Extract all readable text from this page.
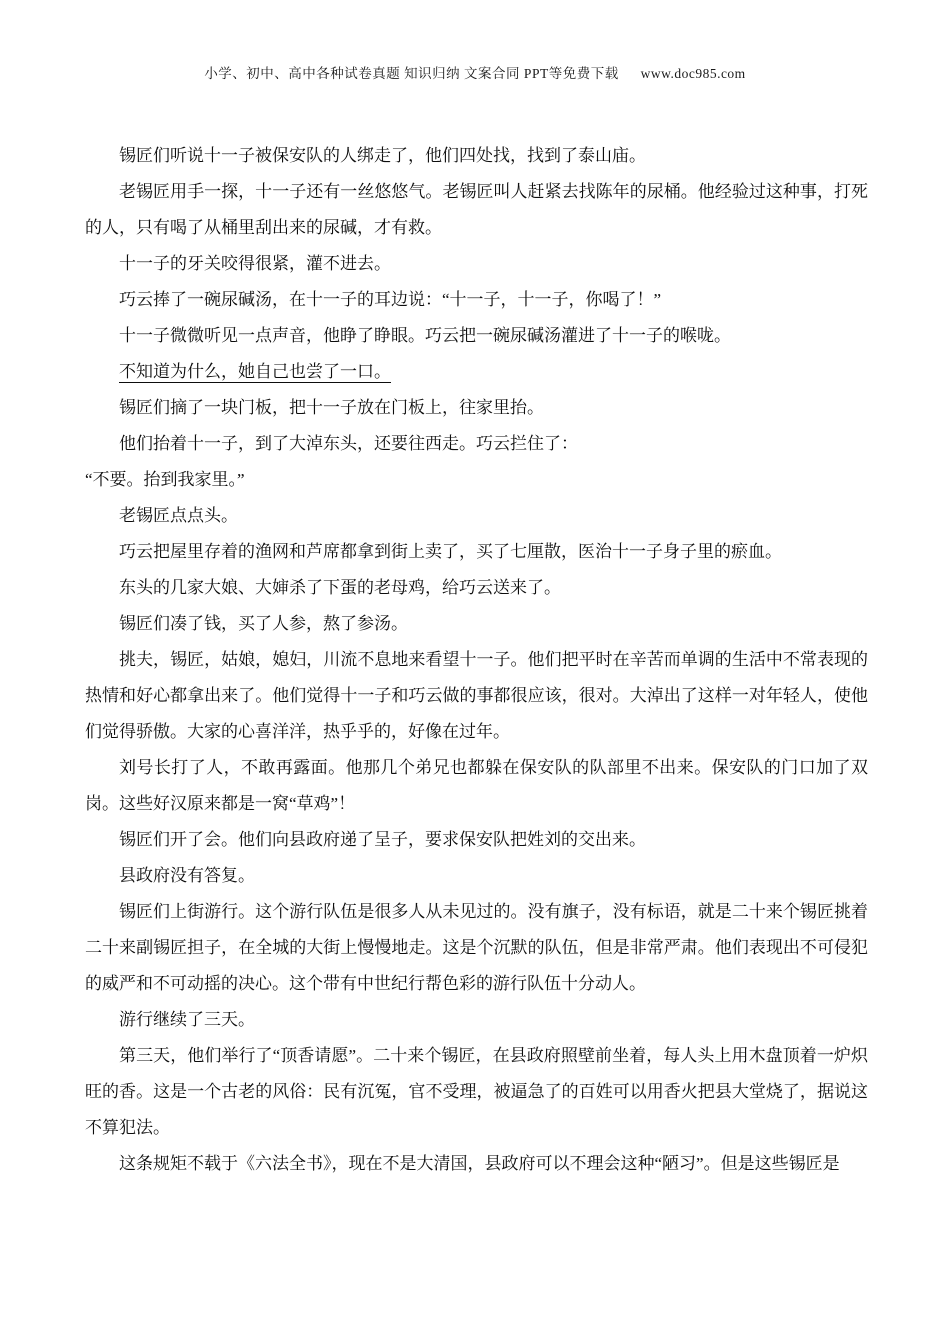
小学、初中、高中各种试卷真题 知识归纳 文案合同 PPT等免费下载 www.doc985.com

锡匠们听说十一子被保安队的人绑走了，他们四处找，找到了泰山庙。

老锡匠用手一探，十一子还有一丝悠悠气。老锡匠叫人赶紧去找陈年的尿桶。他经验过这种事，打死的人，只有喝了从桶里刮出来的尿碱，才有救。

十一子的牙关咬得很紧，灌不进去。

巧云捧了一碗尿碱汤，在十一子的耳边说：“十一子，十一子，你喝了！”

十一子微微听见一点声音，他睁了睁眼。巧云把一碗尿碱汤灌进了十一子的喉咙。

不知道为什么，她自己也尝了一口。

锡匠们摘了一块门板，把十一子放在门板上，往家里抬。

他们抬着十一子，到了大淖东头，还要往西走。巧云拦住了：

“不要。抬到我家里。”

老锡匠点点头。

巧云把屋里存着的渔网和芦席都拿到街上卖了，买了七厘散，医治十一子身子里的瘀血。

东头的几家大娘、大婶杀了下蛋的老母鸡，给巧云送来了。

锡匠们凑了钱，买了人参，熬了参汤。

挑夫，锡匠，姑娘，媳妇，川流不息地来看望十一子。他们把平时在辛苦而单调的生活中不常表现的热情和好心都拿出来了。他们觉得十一子和巧云做的事都很应该，很对。大淖出了这样一对年轻人，使他们觉得骄傲。大家的心喜洋洋，热乎乎的，好像在过年。

刘号长打了人，不敢再露面。他那几个弟兄也都躲在保安队的队部里不出来。保安队的门口加了双岗。这些好汉原来都是一窝“草鸡”！

锡匠们开了会。他们向县政府递了呈子，要求保安队把姓刘的交出来。

县政府没有答复。

锡匠们上街游行。这个游行队伍是很多人从未见过的。没有旗子，没有标语，就是二十来个锡匠挑着二十来副锡匠担子，在全城的大街上慢慢地走。这是个沉默的队伍，但是非常严肃。他们表现出不可侵犯的威严和不可动摇的决心。这个带有中世纪行帮色彩的游行队伍十分动人。

游行继续了三天。

第三天，他们举行了“顶香请愿”。二十来个锡匠，在县政府照壁前坐着，每人头上用木盘顶着一炉炽旺的香。这是一个古老的风俗：民有沉冤，官不受理，被逼急了的百姓可以用香火把县大堂烧了，据说这不算犯法。

这条规矩不载于《六法全书》，现在不是大清国，县政府可以不理会这种“陋习”。但是这些锡匠是
